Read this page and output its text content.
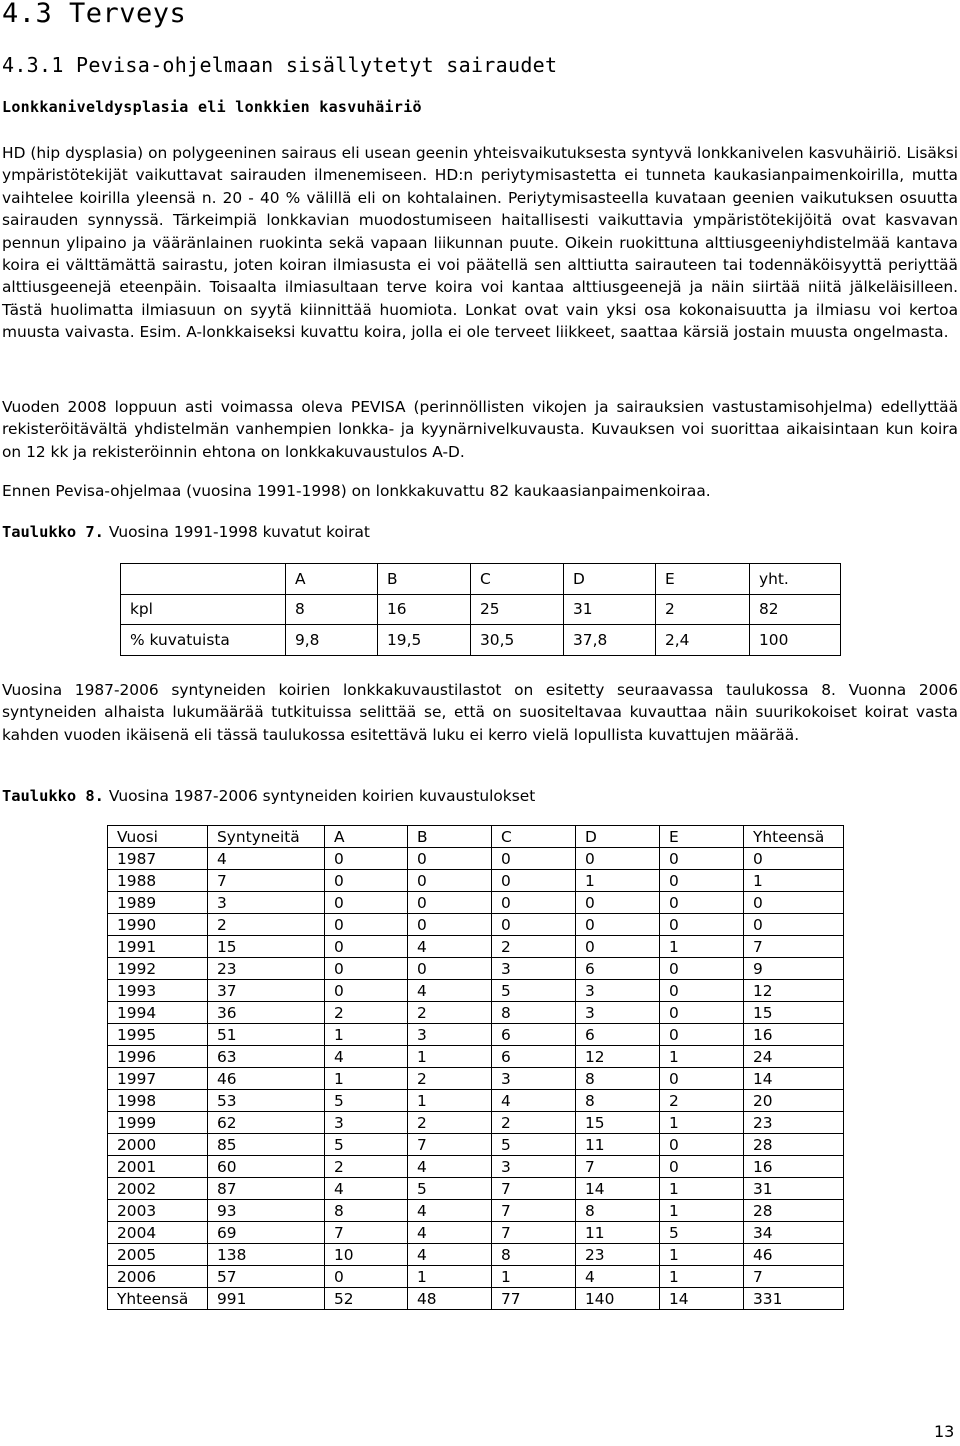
4.3 Terveys
4.3.1 Pevisa-ohjelmaan sisällytetyt sairaudet
Lonkkaniveldysplasia eli lonkkien kasvuhäiriö

HD (hip dysplasia) on polygeeninen sairaus eli usean geenin yhteisvaikutuksesta syntyvä lonkkanivelen kasvuhäiriö. Lisäksi ympäristötekijät vaikuttavat sairauden ilmenemiseen. HD:n periytymisastetta ei tunneta kaukasianpaimenkoirilla, mutta vaihtelee koirilla yleensä n. 20 - 40 % välillä eli on kohtalainen. Periytymisasteella kuvataan geenien vaikutuksen osuutta sairauden synnyssä. Tärkeimpiä lonkkavian muodostumiseen haitallisesti vaikuttavia ympäristötekijöitä ovat kasvavan pennun ylipaino ja vääränlainen ruokinta sekä vapaan liikunnan puute. Oikein ruokittuna alttiusgeeniyhdistelmää kantava koira ei välttämättä sairastu, joten koiran ilmiasusta ei voi päätellä sen alttiutta sairauteen tai todennäköisyyttä periyttää alttiusgeenejä eteenpäin. Toisaalta ilmiasultaan terve koira voi kantaa alttiusgeenejä ja näin siirtää niitä jälkeläisilleen. Tästä huolimatta ilmiasuun on syytä kiinnittää huomiota. Lonkat ovat vain yksi osa kokonaisuutta ja ilmiasu voi kertoa muusta vaivasta. Esim. A-lonkkaiseksi kuvattu koira, jolla ei ole terveet liikkeet, saattaa kärsiä jostain muusta ongelmasta.

Vuoden 2008 loppuun asti voimassa oleva PEVISA (perinnöllisten vikojen ja sairauksien vastustamisohjelma) edellyttää rekisteröitävältä yhdistelmän vanhempien lonkka- ja kyynärnivelkuvausta. Kuvauksen voi suorittaa aikaisintaan kun koira on 12 kk ja rekisteröinnin ehtona on lonkkakuvaustulos A-D.

Ennen Pevisa-ohjelmaa (vuosina 1991-1998) on lonkkakuvattu 82 kaukaasianpaimenkoiraa.

Taulukko 7. Vuosina 1991-1998 kuvatut koirat

	A	B	C	D	E	yht.
kpl	8	16	25	31	2	82
% kuvatuista	9,8	19,5	30,5	37,8	2,4	100

Vuosina 1987-2006 syntyneiden koirien lonkkakuvaustilastot on esitetty seuraavassa taulukossa 8. Vuonna 2006 syntyneiden alhaista lukumäärää tutkituissa selittää se, että on suositeltavaa kuvauttaa näin suurikokoiset koirat vasta kahden vuoden ikäisenä eli tässä taulukossa esitettävä luku ei kerro vielä lopullista kuvattujen määrää.

Taulukko 8. Vuosina 1987-2006 syntyneiden koirien kuvaustulokset

Vuosi	Syntyneitä	A	B	C	D	E	Yhteensä
1987	4	0	0	0	0	0	0
1988	7	0	0	0	1	0	1
1989	3	0	0	0	0	0	0
1990	2	0	0	0	0	0	0
1991	15	0	4	2	0	1	7
1992	23	0	0	3	6	0	9
1993	37	0	4	5	3	0	12
1994	36	2	2	8	3	0	15
1995	51	1	3	6	6	0	16
1996	63	4	1	6	12	1	24
1997	46	1	2	3	8	0	14
1998	53	5	1	4	8	2	20
1999	62	3	2	2	15	1	23
2000	85	5	7	5	11	0	28
2001	60	2	4	3	7	0	16
2002	87	4	5	7	14	1	31
2003	93	8	4	7	8	1	28
2004	69	7	4	7	11	5	34
2005	138	10	4	8	23	1	46
2006	57	0	1	1	4	1	7
Yhteensä	991	52	48	77	140	14	331
13
